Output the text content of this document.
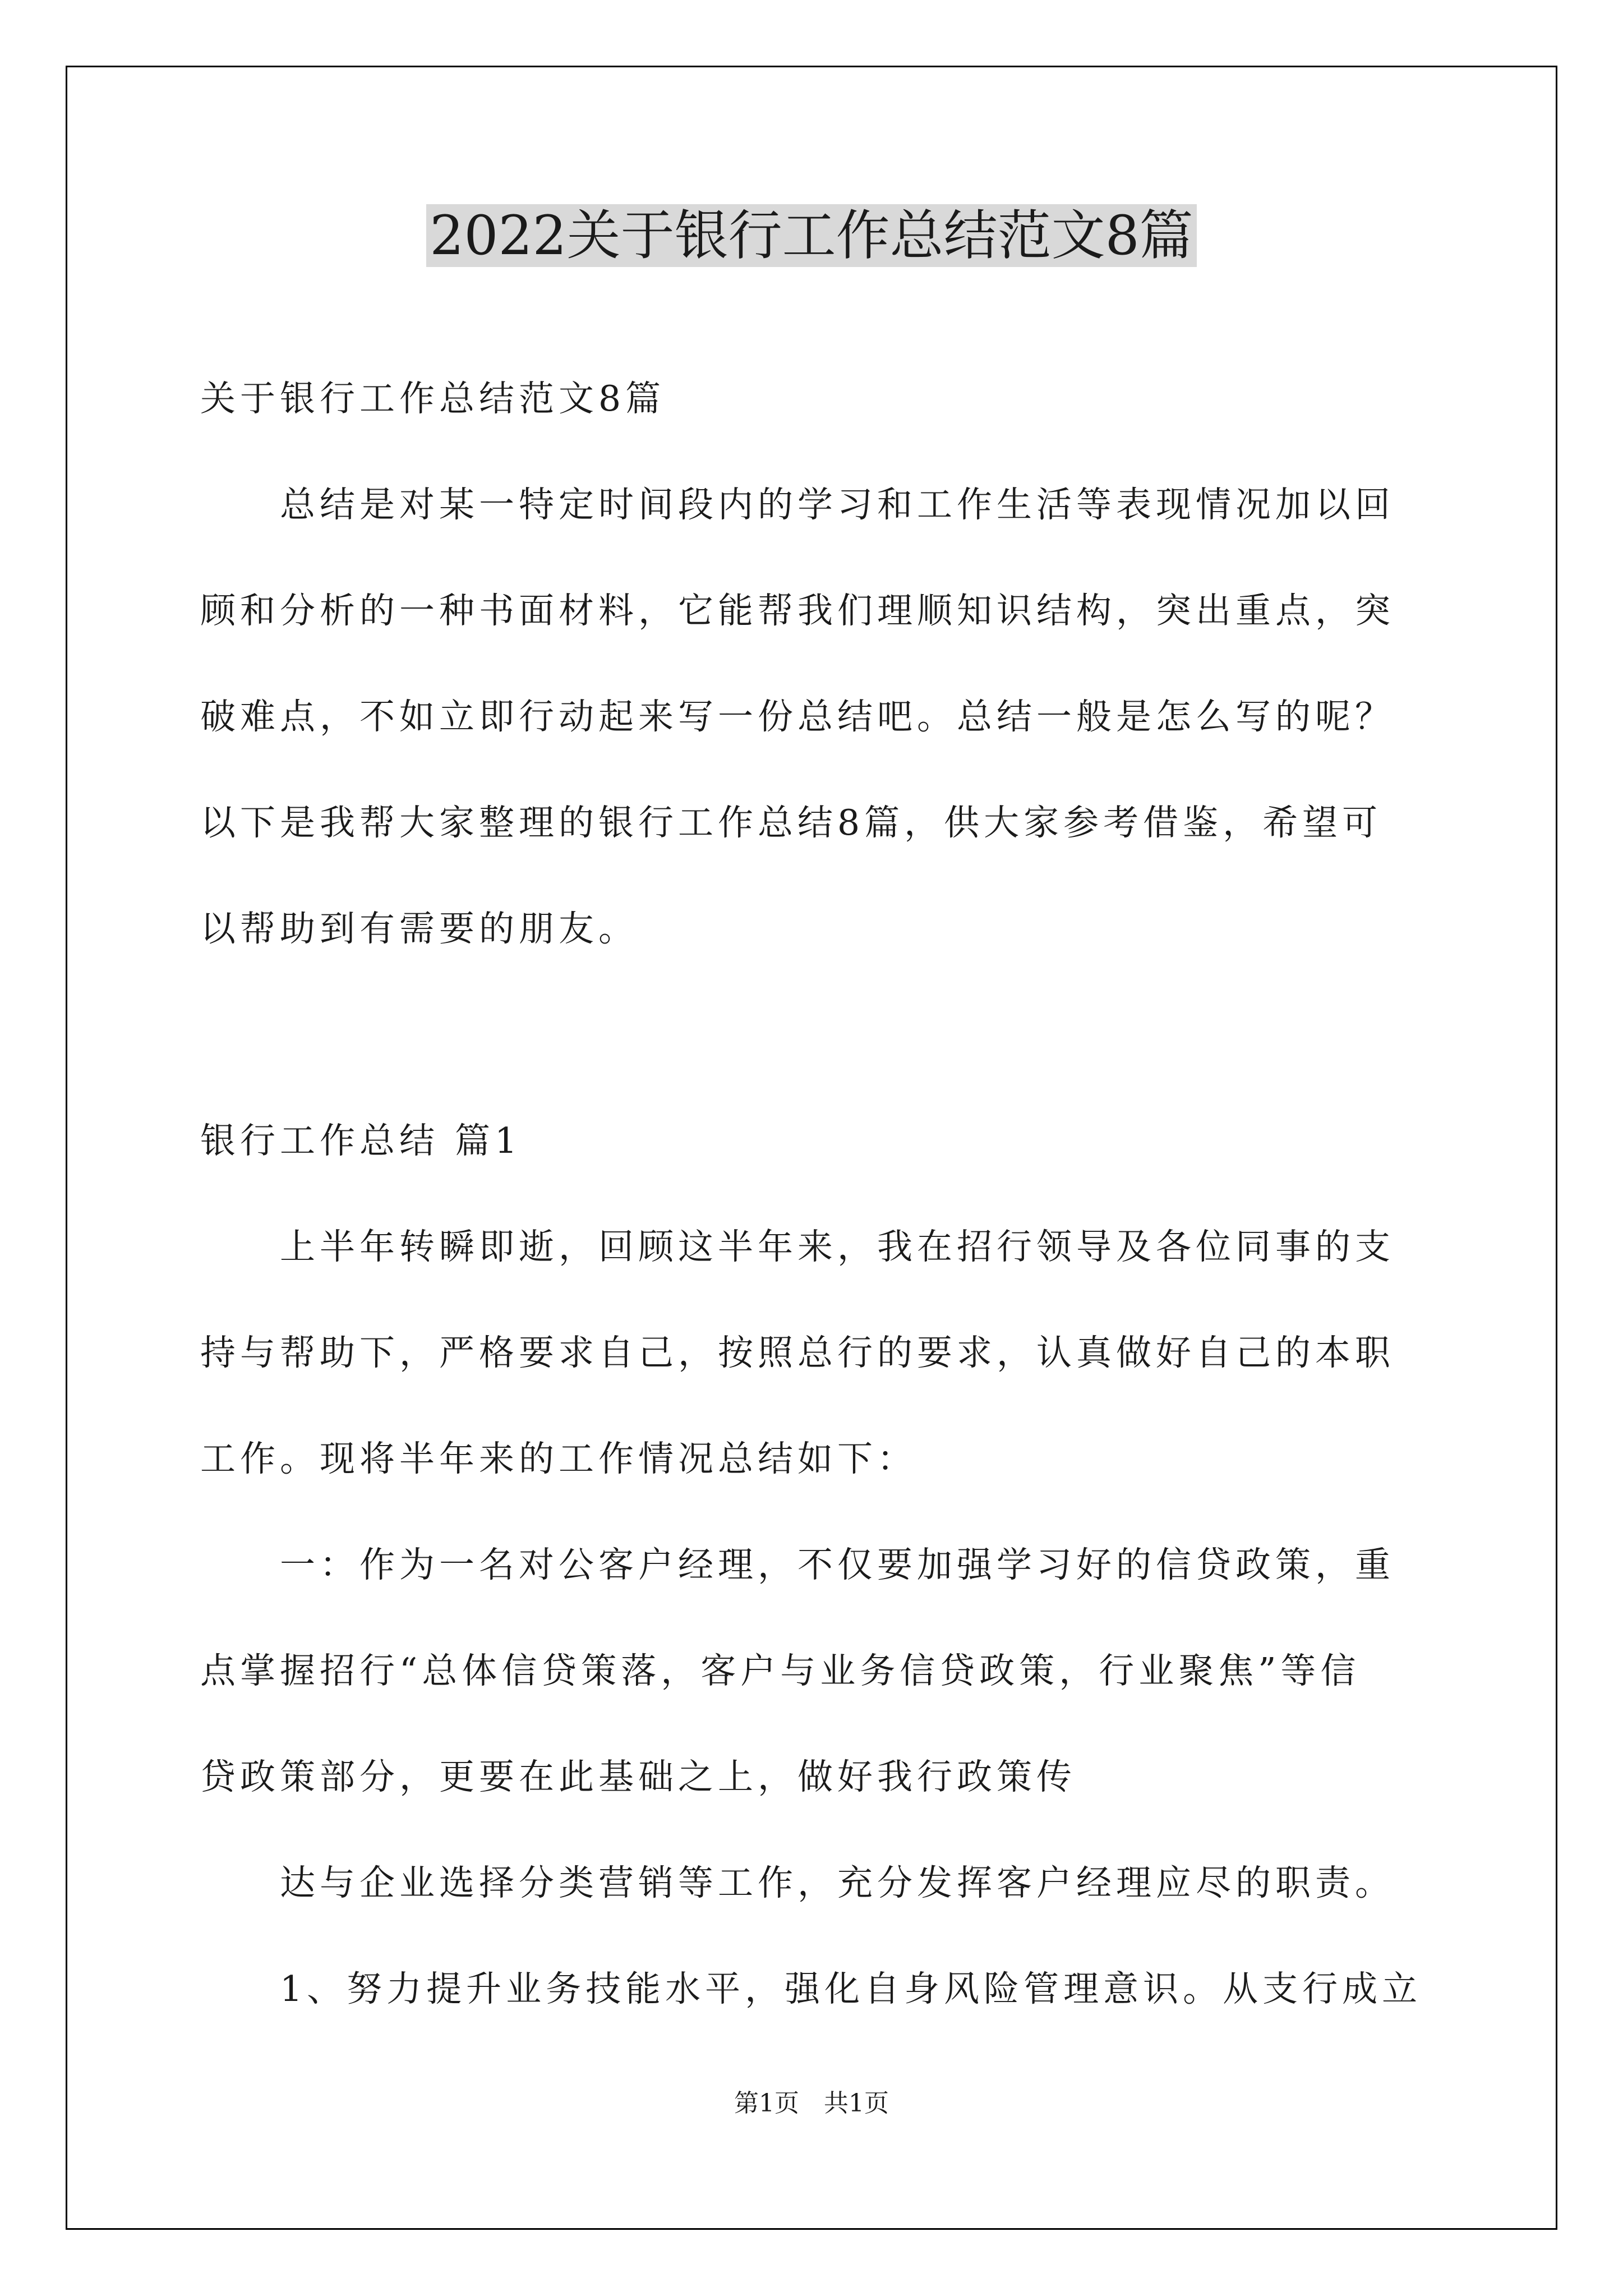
2022关于银行工作总结范文8篇

关于银行工作总结范文8篇

总结是对某一特定时间段内的学习和工作生活等表现情况加以回

顾和分析的一种书面材料，它能帮我们理顺知识结构，突出重点，突

破难点，不如立即行动起来写一份总结吧。总结一般是怎么写的呢？

以下是我帮大家整理的银行工作总结8篇，供大家参考借鉴，希望可

以帮助到有需要的朋友。

银行工作总结 篇1

上半年转瞬即逝，回顾这半年来，我在招行领导及各位同事的支

持与帮助下，严格要求自己，按照总行的要求，认真做好自己的本职

工作。现将半年来的工作情况总结如下：

一：作为一名对公客户经理，不仅要加强学习好的信贷政策，重

点掌握招行“总体信贷策落，客户与业务信贷政策，行业聚焦”等信

贷政策部分，更要在此基础之上，做好我行政策传

达与企业选择分类营销等工作，充分发挥客户经理应尽的职责。

1、努力提升业务技能水平，强化自身风险管理意识。从支行成立

第1页　共1页
